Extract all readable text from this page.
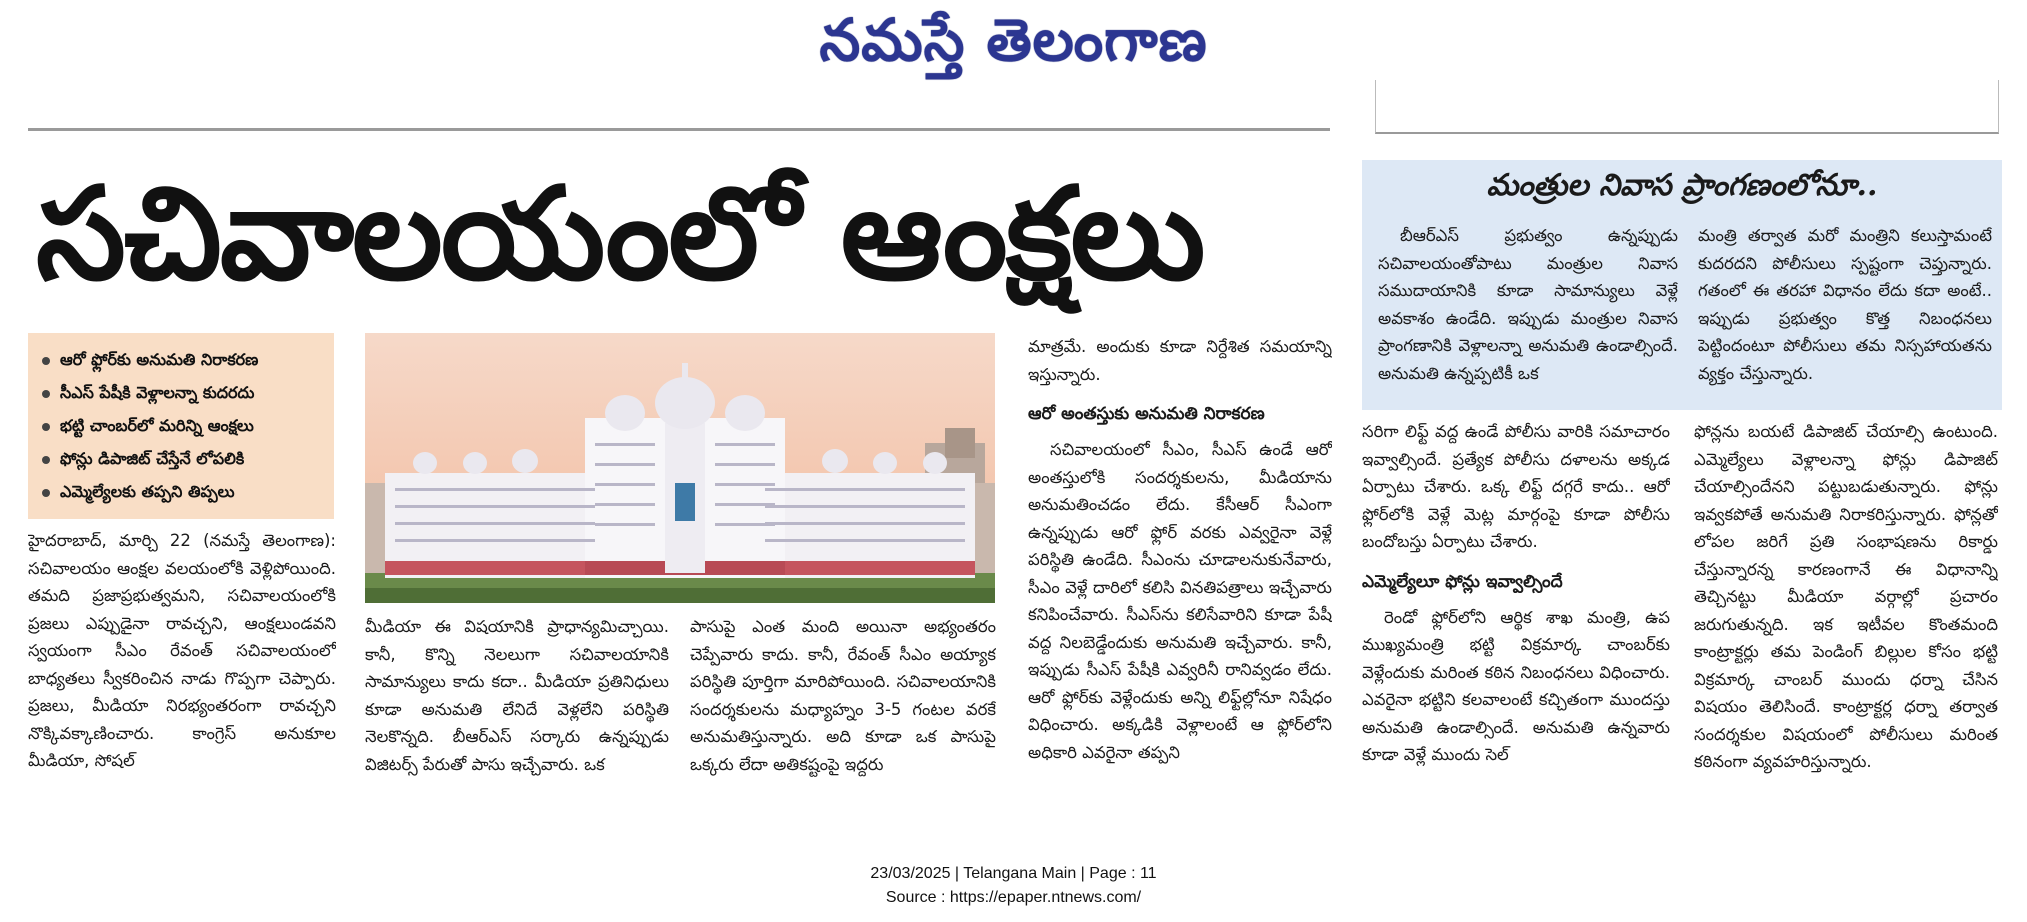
నమస్తే తెలంగాణ
సచివాలయంలో ఆంక్షలు
ఆరో ఫ్లోర్‌కు అనుమతి నిరాకరణ
సీఎస్‌ పేషీకి వెళ్లాలన్నా కుదరదు
భట్టి చాంబర్‌లో మరిన్ని ఆంక్షలు
ఫోన్లు డిపాజిట్‌ చేస్తేనే లోపలికి
ఎమ్మెల్యేలకు తప్పని తిప్పలు

హైదరాబాద్‌, మార్చి 22 (నమస్తే తెలంగాణ): సచివాలయం ఆంక్షల వలయంలోకి వెళ్లిపోయింది. తమది ప్రజాప్రభుత్వమని, సచివాలయంలోకి ప్రజలు ఎప్పుడైనా రావచ్చని, ఆంక్షలుండవని స్వయంగా సీఎం రేవంత్‌ సచివాలయంలో బాధ్యతలు స్వీకరించిన నాడు గొప్పగా చెప్పారు. ప్రజలు, మీడియా నిరభ్యంతరంగా రావచ్చని నొక్కివక్కాణించారు. కాంగ్రెస్‌ అనుకూల మీడియా, సోషల్‌

మీడియా ఈ విషయానికి ప్రాధాన్యమిచ్చాయి. కానీ, కొన్ని నెలలుగా సచివాలయానికి సామాన్యులు కాదు కదా.. మీడియా ప్రతినిధులు కూడా అనుమతి లేనిదే వెళ్లలేని పరిస్థితి నెలకొన్నది. బీఆర్‌ఎస్‌ సర్కారు ఉన్నప్పుడు విజిటర్స్‌ పేరుతో పాసు ఇచ్చేవారు. ఒక

పాసుపై ఎంత మంది అయినా అభ్యంతరం చెప్పేవారు కాదు. కానీ, రేవంత్‌ సీఎం అయ్యాక పరిస్థితి పూర్తిగా మారిపోయింది. సచివాలయానికి సందర్శకులను మధ్యాహ్నం 3-5 గంటల వరకే అనుమతిస్తున్నారు. అది కూడా ఒక పాసుపై ఒక్కరు లేదా అతికష్టంపై ఇద్దరు

మాత్రమే. అందుకు కూడా నిర్దేశిత సమయాన్ని ఇస్తున్నారు.

ఆరో అంతస్తుకు అనుమతి నిరాకరణ

సచివాలయంలో సీఎం, సీఎస్‌ ఉండే ఆరో అంతస్తులోకి సందర్శకులను, మీడియాను అనుమతించడం లేదు. కేసీఆర్‌ సీఎంగా ఉన్నప్పుడు ఆరో ఫ్లోర్‌ వరకు ఎవ్వరైనా వెళ్లే పరిస్థితి ఉండేది. సీఎంను చూడాలనుకునేవారు, సీఎం వెళ్లే దారిలో కలిసి వినతిపత్రాలు ఇచ్చేవారు కనిపించేవారు. సీఎస్‌ను కలిసేవారిని కూడా పేషీ వద్ద నిలబెడ్డేందుకు అనుమతి ఇచ్చేవారు. కానీ, ఇప్పుడు సీఎస్‌ పేషీకి ఎవ్వరినీ రానివ్వడం లేదు. ఆరో ఫ్లోర్‌కు వెళ్లేందుకు అన్ని లిఫ్ట్‌ల్లోనూ నిషేధం విధించారు. అక్కడికి వెళ్లాలంటే ఆ ఫ్లోర్‌లోని అధికారి ఎవరైనా తప్పని

మంత్రుల నివాస ప్రాంగణంలోనూ..

బీఆర్‌ఎస్‌ ప్రభుత్వం ఉన్నప్పుడు సచివాలయంతోపాటు మంత్రుల నివాస సముదాయానికి కూడా సామాన్యులు వెళ్లే అవకాశం ఉండేది. ఇప్పుడు మంత్రుల నివాస ప్రాంగణానికి వెళ్లాలన్నా అనుమతి ఉండాల్సిందే. అనుమతి ఉన్నప్పటికీ ఒక

మంత్రి తర్వాత మరో మంత్రిని కలుస్తామంటే కుదరదని పోలీసులు స్పష్టంగా చెప్తున్నారు. గతంలో ఈ తరహా విధానం లేదు కదా అంటే.. ఇప్పుడు ప్రభుత్వం కొత్త నిబంధనలు పెట్టిందంటూ పోలీసులు తమ నిస్సహాయతను వ్యక్తం చేస్తున్నారు.

సరిగా లిఫ్ట్‌ వద్ద ఉండే పోలీసు వారికి సమాచారం ఇవ్వాల్సిందే. ప్రత్యేక పోలీసు దళాలను అక్కడ ఏర్పాటు చేశారు. ఒక్క లిఫ్ట్‌ దగ్గరే కాదు.. ఆరో ఫ్లోర్‌లోకి వెళ్లే మెట్ల మార్గంపై కూడా పోలీసు బందోబస్తు ఏర్పాటు చేశారు.

ఎమ్మెల్యేలూ ఫోన్లు ఇవ్వాల్సిందే

రెండో ఫ్లోర్‌లోని ఆర్థిక శాఖ మంత్రి, ఉప ముఖ్యమంత్రి భట్టి విక్రమార్క చాంబర్‌కు వెళ్లేందుకు మరింత కఠిన నిబంధనలు విధించారు. ఎవరైనా భట్టిని కలవాలంటే కచ్చితంగా ముందస్తు అనుమతి ఉండాల్సిందే. అనుమతి ఉన్నవారు కూడా వెళ్లే ముందు సెల్‌

ఫోన్లను బయటే డిపాజిట్‌ చేయాల్సి ఉంటుంది. ఎమ్మెల్యేలు వెళ్లాలన్నా ఫోన్లు డిపాజిట్‌ చేయాల్సిందేనని పట్టుబడుతున్నారు. ఫోన్లు ఇవ్వకపోతే అనుమతి నిరాకరిస్తున్నారు. ఫోన్లతో లోపల జరిగే ప్రతి సంభాషణను రికార్డు చేస్తున్నారన్న కారణంగానే ఈ విధానాన్ని తెచ్చినట్టు మీడియా వర్గాల్లో ప్రచారం జరుగుతున్నది. ఇక ఇటీవల కొంతమంది కాంట్రాక్టర్లు తమ పెండింగ్‌ బిల్లుల కోసం భట్టి విక్రమార్క చాంబర్‌ ముందు ధర్నా చేసిన విషయం తెలిసిందే. కాంట్రాక్టర్ల ధర్నా తర్వాత సందర్శకుల విషయంలో పోలీసులు మరింత కఠినంగా వ్యవహరిస్తున్నారు.

23/03/2025 | Telangana Main | Page : 11
Source : https://epaper.ntnews.com/
